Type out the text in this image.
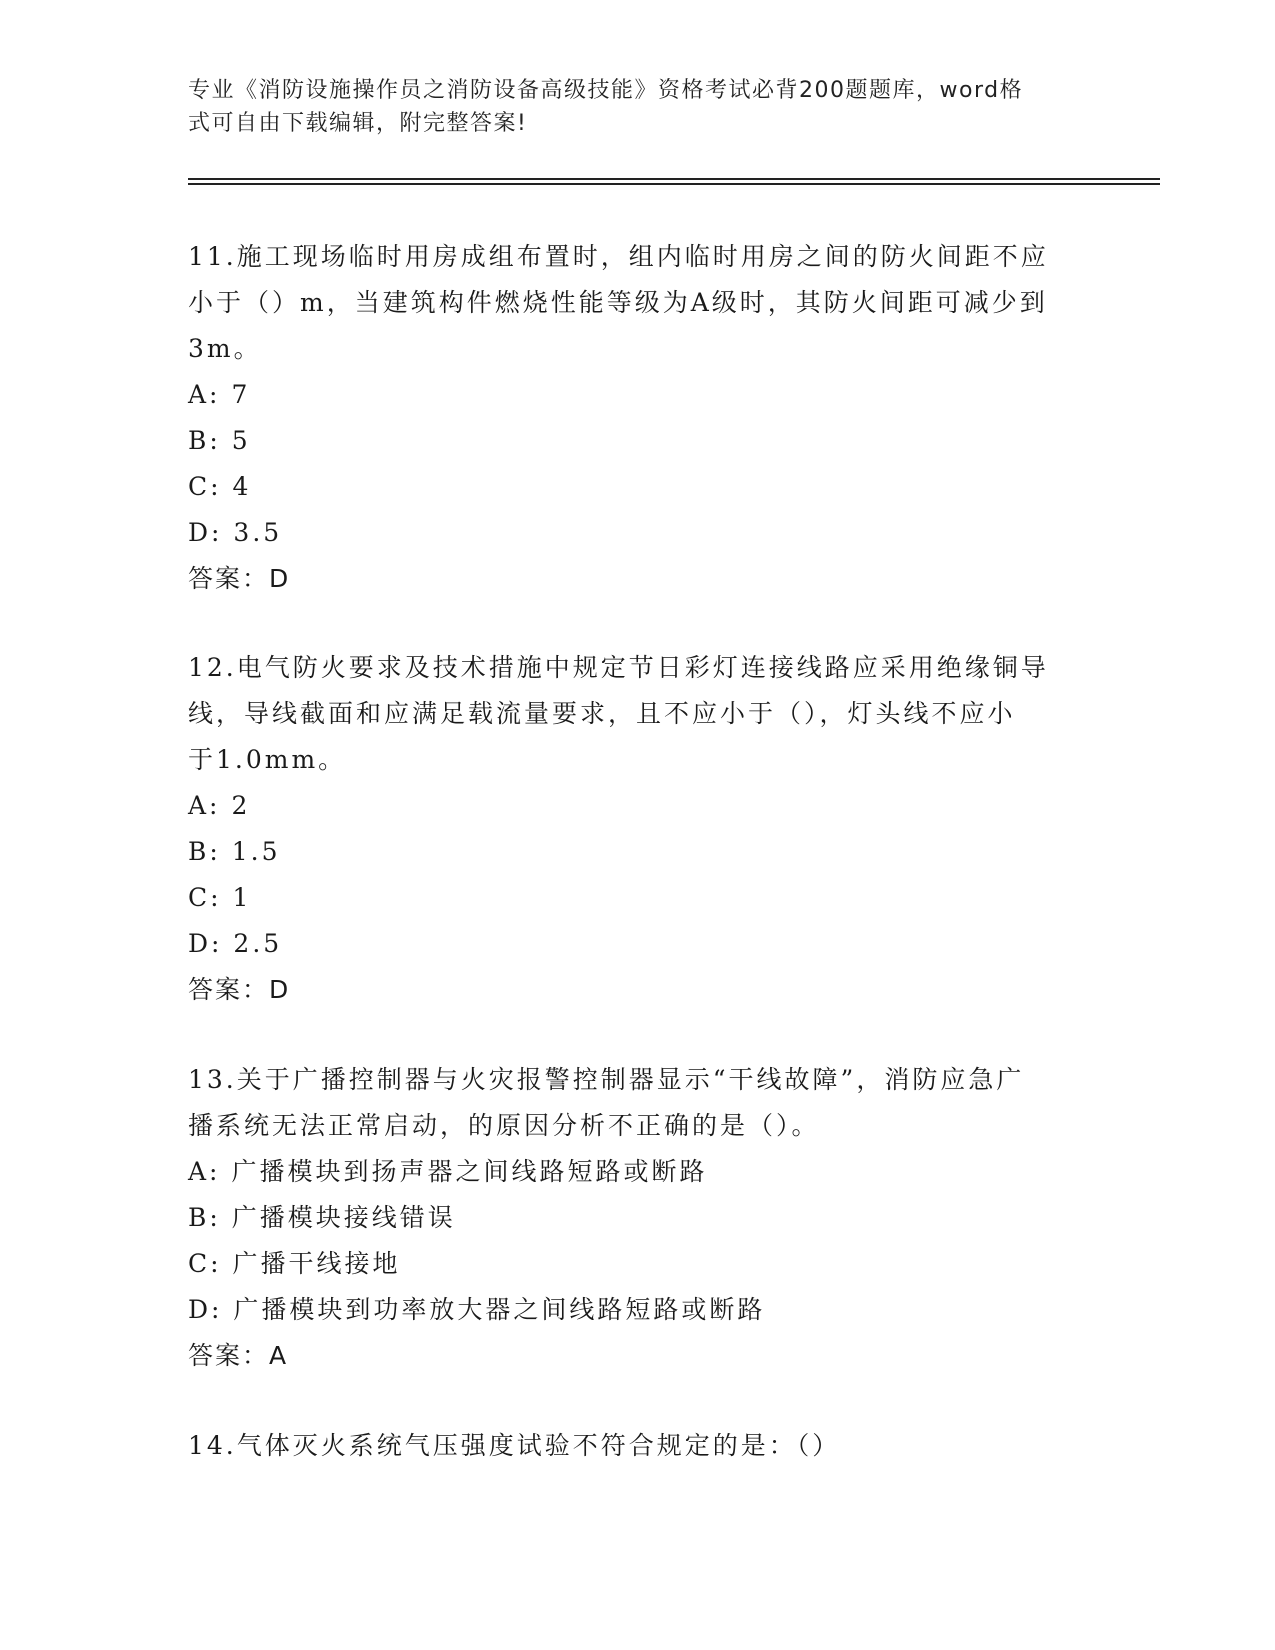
专业《消防设施操作员之消防设备高级技能》资格考试必背200题题库，word格
式可自由下载编辑，附完整答案!

11.施工现场临时用房成组布置时，组内临时用房之间的防火间距不应

小于（）m，当建筑构件燃烧性能等级为A级时，其防火间距可减少到

3m。

A: 7

B: 5

C: 4

D: 3.5

答案：D

12.电气防火要求及技术措施中规定节日彩灯连接线路应采用绝缘铜导

线，导线截面和应满足载流量要求，且不应小于（），灯头线不应小

于1.0mm。

A: 2

B: 1.5

C: 1

D: 2.5

答案：D

13.关于广播控制器与火灾报警控制器显示“干线故障”，消防应急广

播系统无法正常启动，的原因分析不正确的是（）。

A: 广播模块到扬声器之间线路短路或断路

B: 广播模块接线错误

C: 广播干线接地

D: 广播模块到功率放大器之间线路短路或断路

答案：A

14.气体灭火系统气压强度试验不符合规定的是：（）
